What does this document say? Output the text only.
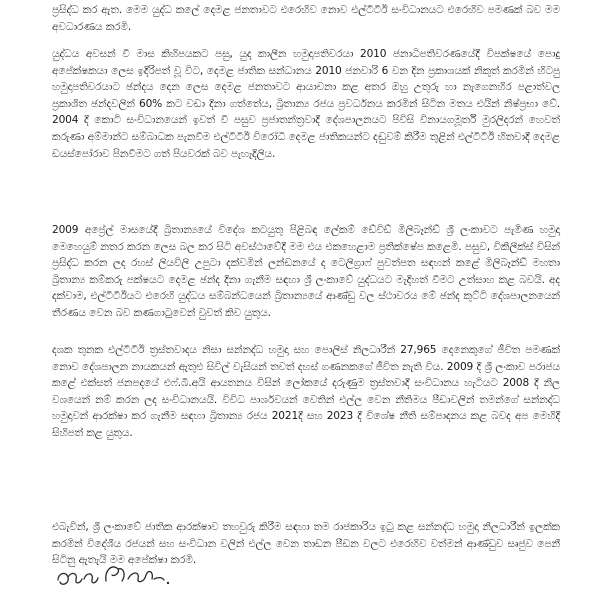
ප්‍රසිද්ධ කර ඇත. මෙම යුද්ධ කලේ දෙමළ ජනතාවට එරෙහිව නොව එල්ටීටීඊ සංවිධානයට එරෙහිව පමණක් බව මම අවධාරණය කරමි.

යුද්ධය අවසන් වී මාස කිහිපයකට පසු, යුද කාලීන හමුදාපතිවරයා 2010 ජනාධිපතිවරණයේදී විපක්ෂයේ පොදු අපේක්ෂකයා ලෙස ඉදිරිපත් වූ විට, දෙමළ ජාතික සන්ධානය 2010 ජනවාරි 6 වන දින ප්‍රකාශයක් නිකුත් කරමින් හිටපු හමුදාපතිවරයාට ඡන්දය දෙන ලෙස දෙමළ ජනතාවට ආයාචනා කළ අතර ඔහු උතුරු හා නැගෙනහිර පළාත්වල ප්‍රකාශිත ඡන්දවලින් 60% කට වඩා දිනා ගත්තේය, බ්‍රිතාන්‍ය රජය ප්‍රවර්ධනය කරමින් සිටින මතය එයින් නිෂ්ප්‍රභා වේ. 2004 දී කොටි සංවිධානයෙන් ඉවත් වී පසුව ප්‍රජාතන්ත්‍රවාදී දේශපාලනයට පිවිසි විනායගමූර්ති මුරලිදරන් හෙවත් කරුණා අම්මාන්ට සම්බාධක පැනවීම එල්ටීටීඊ විරෝධී දෙමළ ජාතිකයන්ට දඬුවම් කිරීම තුළින් එල්ටීටීඊ හිතවාදී දෙමළ ඩයස්පෝරාව පිනවීමට ගත් පියවරක් බව පැහැදිලිය.

2009 අප්‍රේල් මාසයේදී බ්‍රිතාන්‍යයේ විදේශ කටයුතු පිළිබඳ ලේකම් ඩේවිඩ් මිලිබෑන්ඩ් ශ්‍රී ලංකාවට පැමිණ හමුදා මෙහෙයුම් නතර කරන ලෙස බල කර සිටි අවස්ථාවේදී මම එය එකහෙළාම ප්‍රතික්ෂේප කළෙමි. පසුව, විකිලීක්ස් විසින් ප්‍රසිද්ධ කරන ලද රහස් ලියවිලි උපුටා දක්වමින් ලන්ඩනයේ ද ටෙලිග්‍රාෆ් පුවත්පත සඳහන් කළේ මිලිබෑන්ඩ් මහතා බ්‍රිතාන්‍ය කම්කරු පක්ෂයට දෙමළ ඡන්ද දිනා ගැනීම සඳහා ශ්‍රී ලංකාවේ යුද්ධයට මැදිහත් වීමට උත්සාහ කළ බවයි. අද දක්වාම, එල්ටීටීඊයට එරෙහි යුද්ධය සම්බන්ධයෙන් බ්‍රිතාන්‍යයේ ආණ්ඩු වල ස්ථාවරය මේ ඡන්ද කුට්ටි දේශපාලනයෙන් තීරණය වෙන බව කණගාටුවෙන් වුවත් කිව යුතුය.

දශක තුනක එල්ටීටීඊ ත්‍රස්තවාදය නිසා සන්නද්ධ හමුදා සහ පොලිස් නිලධාරීන් 27,965 දෙනෙකුගේ ජීවිත පමණක් නොව දේශපාලන නායකයන් ඇතුළු සිවිල් වැසියන් තවත් දහස් ගණනකගේ ජීවිත නැති විය. 2009 දී ශ්‍රී ලංකාව පරාජය කළේ එක්සත් ජනපදයේ එෆ්.බී.අයි ආයතනය විසින් ලෝකයේ දරුණුම ත්‍රස්තවාදී සංවිධානය හැටියට 2008 දී නිල වශයෙන් නම් කරන ලද සංවිධානයයි. විවිධ පාර්ශවයන් වෙතින් එල්ල වෙන නීතිමය පීඩාවලින් තමන්ගේ සන්නද්ධ හමුදාවන් ආරක්ෂා කර ගැනීම සඳහා බ්‍රිතාන්‍ය රජය 2021දී සහ 2023 දී විශේෂ නීති සම්පාදනය කළ බවද අප මෙහිදී සිහිපත් කළ යුතුය.

එබැවින්, ශ්‍රී ලංකාවේ ජාතික ආරක්ෂාව තහවුරු කිරීම සඳහා තම රාජකාරිය ඉටු කළ සන්නද්ධ හමුදා නිලධාරීන් ඉලක්ක කරමින් විදේශීය රජයන් සහ සංවිධාන වලින් එල්ල වෙන තාඩන පීඩන වලට එරෙහිව වත්මන් ආණ්ඩුව සෘජුව පෙනී සිටිනු ඇතැයි මම අපේක්ෂා කරමි.
